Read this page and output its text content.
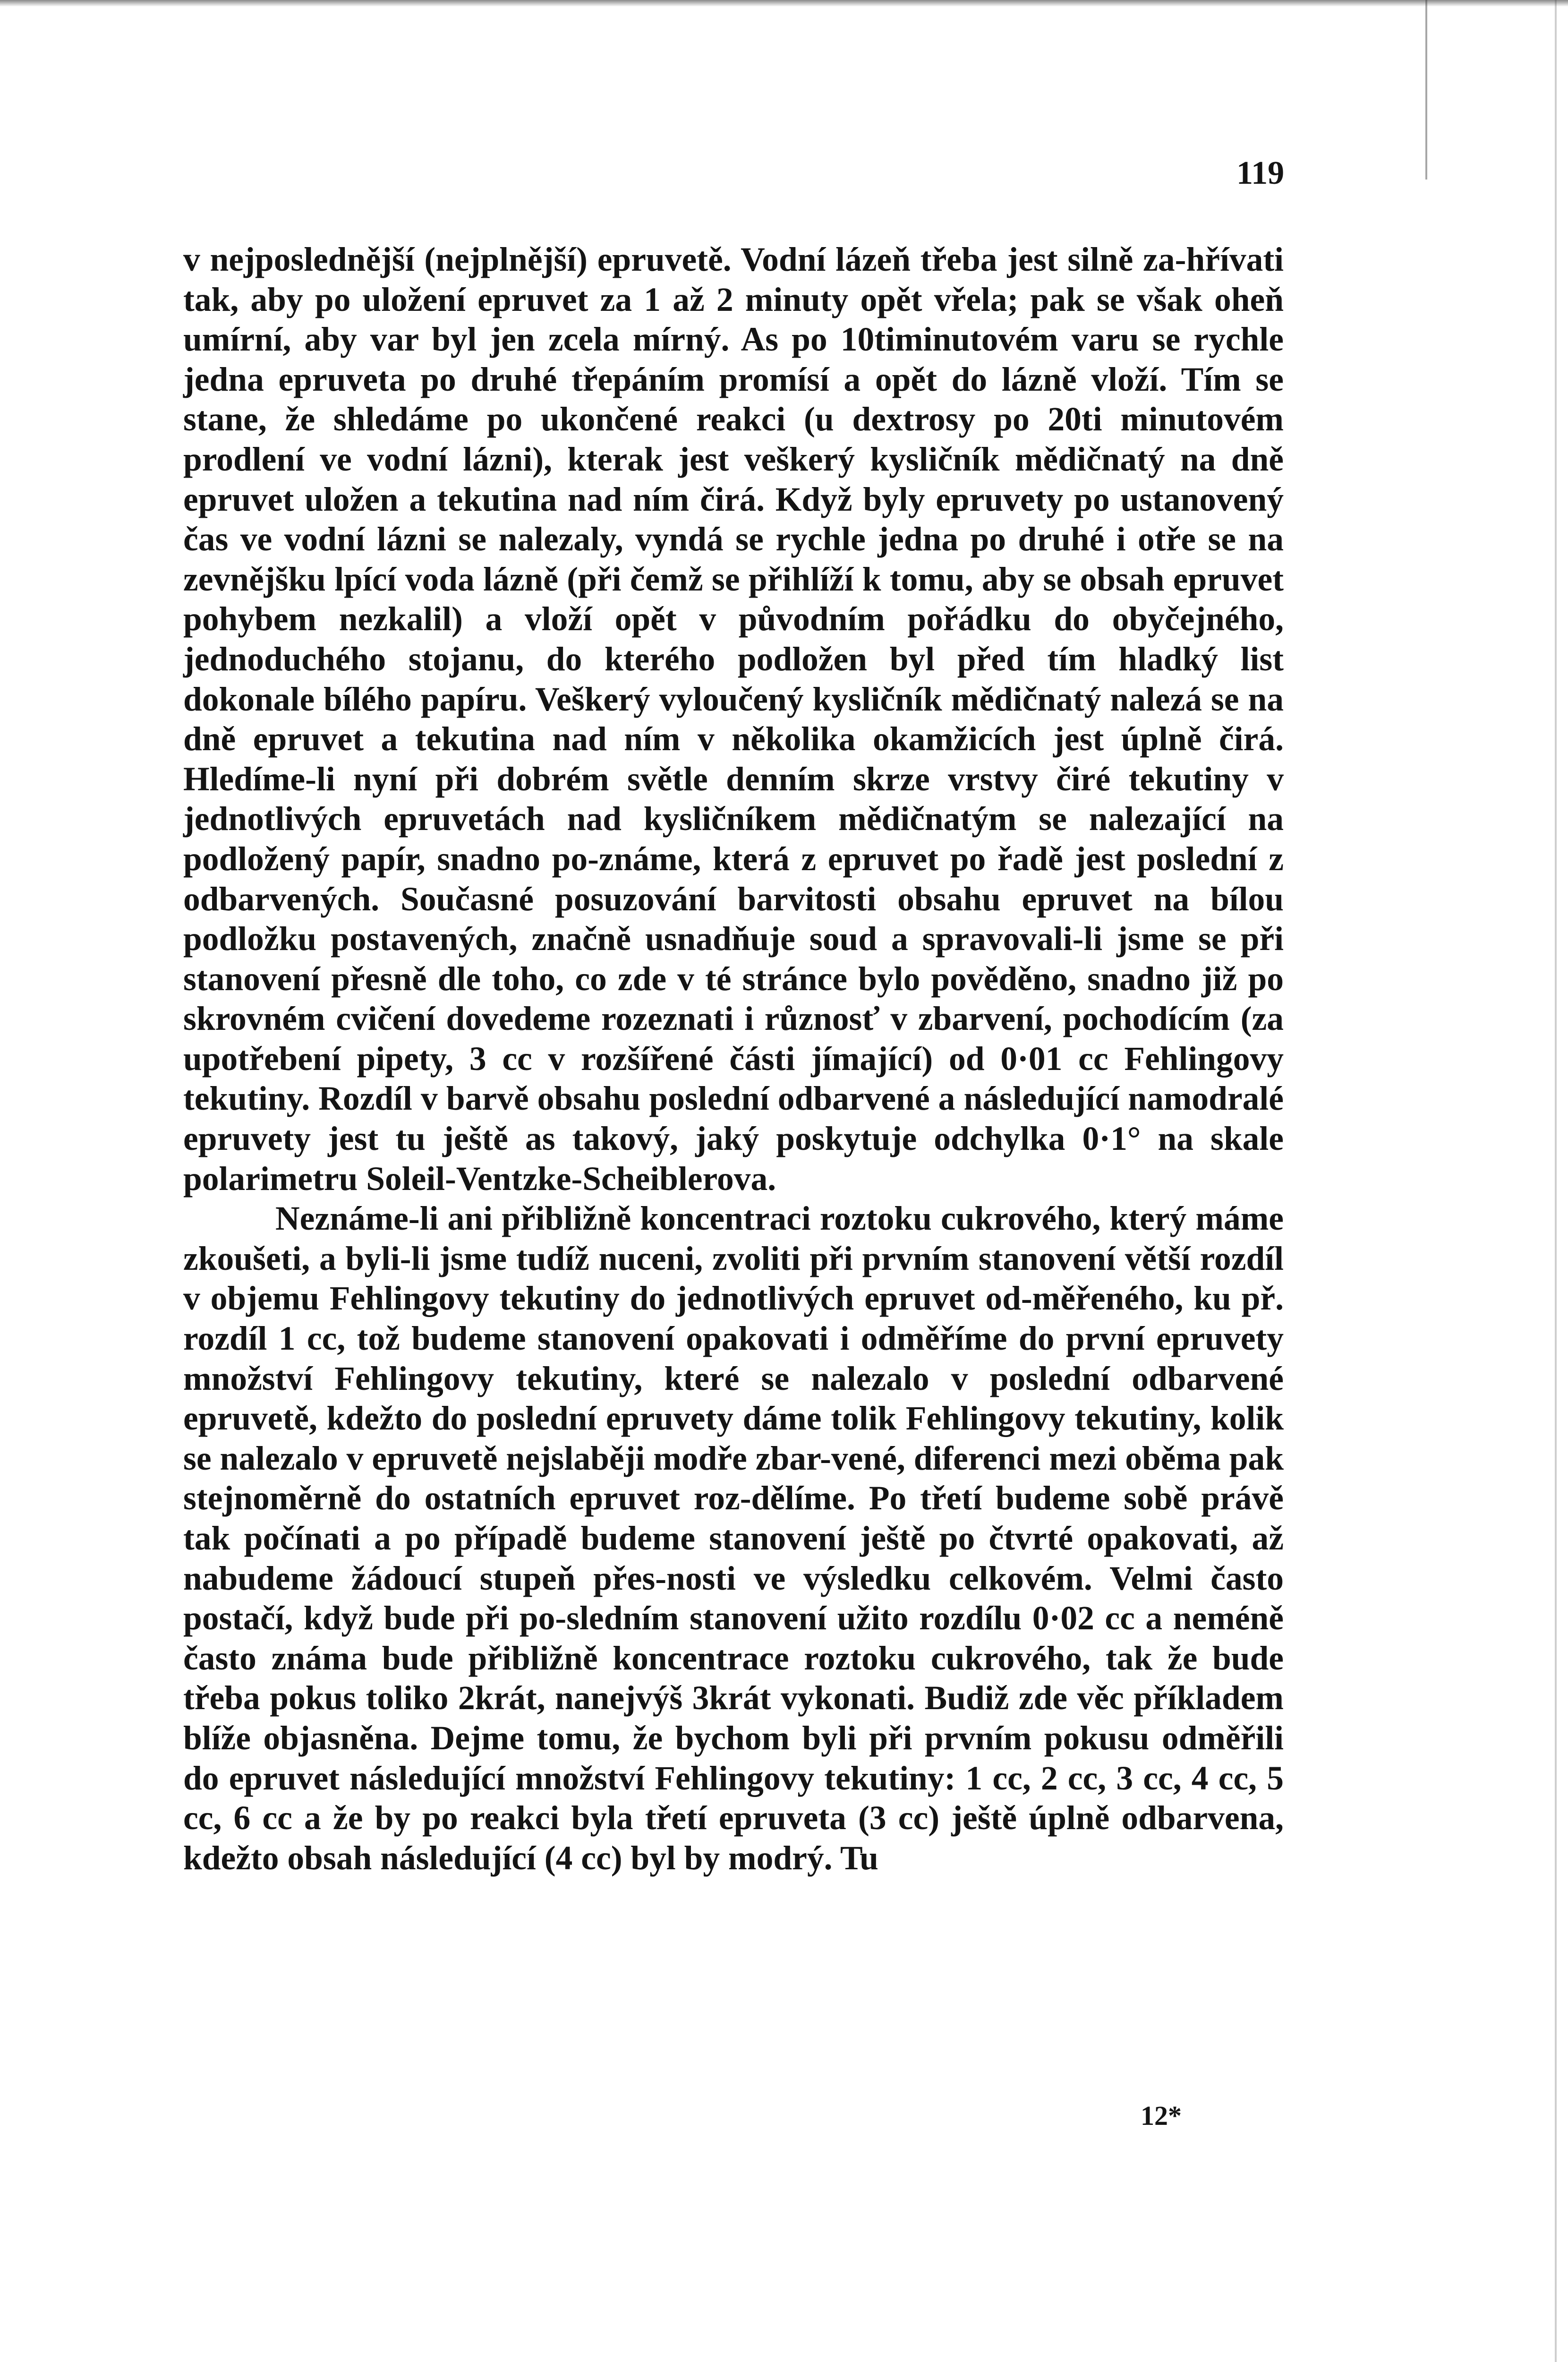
119

v nejposlednější (nejplnější) epruvetě. Vodní lázeň třeba jest silně za-hřívati tak, aby po uložení epruvet za 1 až 2 minuty opět vřela; pak se však oheň umírní, aby var byl jen zcela mírný. As po 10timinutovém varu se rychle jedna epruveta po druhé třepáním promísí a opět do lázně vloží. Tím se stane, že shledáme po ukončené reakci (u dextrosy po 20ti minutovém prodlení ve vodní lázni), kterak jest veškerý kysličník mědičnatý na dně epruvet uložen a tekutina nad ním čirá. Když byly epruvety po ustanovený čas ve vodní lázni se nalezaly, vyndá se rychle jedna po druhé i otře se na zevnějšku lpící voda lázně (při čemž se přihlíží k tomu, aby se obsah epruvet pohybem nezkalil) a vloží opět v původním pořádku do obyčejného, jednoduchého stojanu, do kterého podložen byl před tím hladký list dokonale bílého papíru. Veškerý vyloučený kysličník mědičnatý nalezá se na dně epruvet a tekutina nad ním v několika okamžicích jest úplně čirá. Hledíme-li nyní při dobrém světle denním skrze vrstvy čiré tekutiny v jednotlivých epruvetách nad kysličníkem mědičnatým se nalezající na podložený papír, snadno po-známe, která z epruvet po řadě jest poslední z odbarvených. Současné posuzování barvitosti obsahu epruvet na bílou podložku postavených, značně usnadňuje soud a spravovali-li jsme se při stanovení přesně dle toho, co zde v té stránce bylo pověděno, snadno již po skrovném cvičení dovedeme rozeznati i různosť v zbarvení, pochodícím (za upotřebení pipety, 3 cc v rozšířené části jímající) od 0·01 cc Fehlingovy tekutiny. Rozdíl v barvě obsahu poslední odbarvené a následující namodralé epruvety jest tu ještě as takový, jaký poskytuje odchylka 0·1° na skale polarimetru Soleil-Ventzke-Scheiblerova.

Neznáme-li ani přibližně koncentraci roztoku cukrového, který máme zkoušeti, a byli-li jsme tudíž nuceni, zvoliti při prvním stanovení větší rozdíl v objemu Fehlingovy tekutiny do jednotlivých epruvet od-měřeného, ku př. rozdíl 1 cc, tož budeme stanovení opakovati i odměříme do první epruvety množství Fehlingovy tekutiny, které se nalezalo v poslední odbarvené epruvetě, kdežto do poslední epruvety dáme tolik Fehlingovy tekutiny, kolik se nalezalo v epruvetě nejslaběji modře zbar-vené, diferenci mezi oběma pak stejnoměrně do ostatních epruvet roz-dělíme. Po třetí budeme sobě právě tak počínati a po případě budeme stanovení ještě po čtvrté opakovati, až nabudeme žádoucí stupeň přes-nosti ve výsledku celkovém. Velmi často postačí, když bude při po-sledním stanovení užito rozdílu 0·02 cc a neméně často známa bude přibližně koncentrace roztoku cukrového, tak že bude třeba pokus toliko 2krát, nanejvýš 3krát vykonati. Budiž zde věc příkladem blíže objasněna. Dejme tomu, že bychom byli při prvním pokusu odměřili do epruvet následující množství Fehlingovy tekutiny: 1 cc, 2 cc, 3 cc, 4 cc, 5 cc, 6 cc a že by po reakci byla třetí epruveta (3 cc) ještě úplně odbarvena, kdežto obsah následující (4 cc) byl by modrý. Tu

12*
